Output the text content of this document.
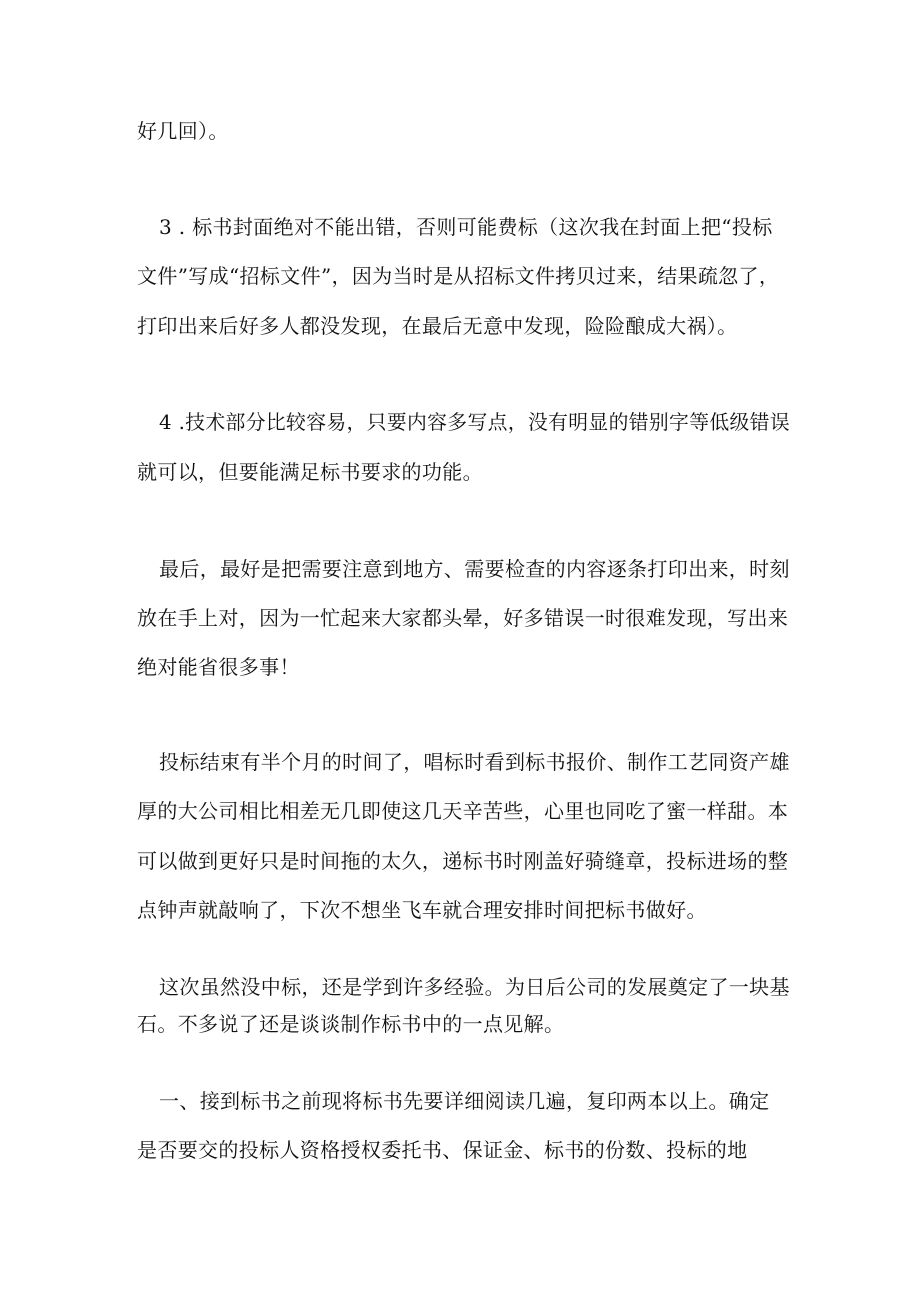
好几回）。
3 . 标书封面绝对不能出错，否则可能费标（这次我在封面上把“投标
文件”写成“招标文件”，因为当时是从招标文件拷贝过来，结果疏忽了，
打印出来后好多人都没发现，在最后无意中发现，险险酿成大祸）。
4 .技术部分比较容易，只要内容多写点，没有明显的错别字等低级错误
就可以，但要能满足标书要求的功能。
最后，最好是把需要注意到地方、需要检查的内容逐条打印出来，时刻
放在手上对，因为一忙起来大家都头晕，好多错误一时很难发现，写出来
绝对能省很多事！
投标结束有半个月的时间了，唱标时看到标书报价、制作工艺同资产雄
厚的大公司相比相差无几即使这几天辛苦些，心里也同吃了蜜一样甜。本
可以做到更好只是时间拖的太久，递标书时刚盖好骑缝章，投标进场的整
点钟声就敲响了，下次不想坐飞车就合理安排时间把标书做好。
这次虽然没中标，还是学到许多经验。为日后公司的发展奠定了一块基
石。不多说了还是谈谈制作标书中的一点见解。
一、接到标书之前现将标书先要详细阅读几遍，复印两本以上。确定
是否要交的投标人资格授权委托书、保证金、标书的份数、投标的地
